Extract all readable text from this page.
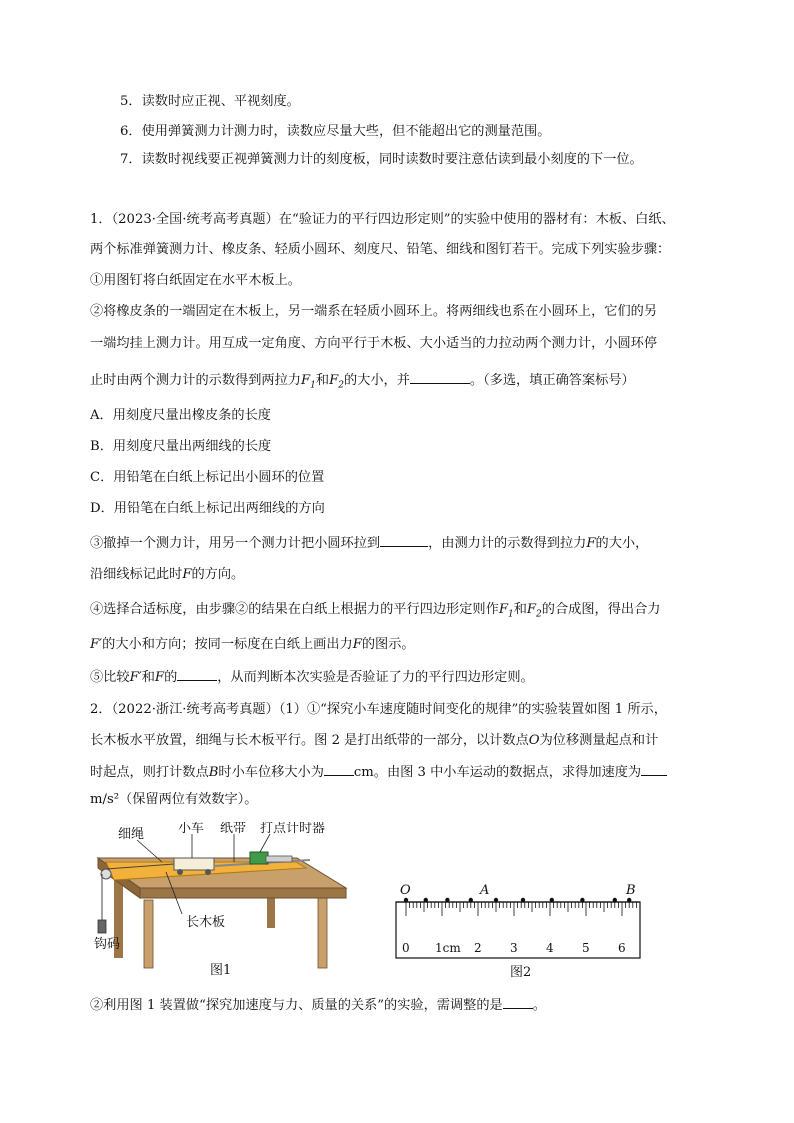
5．读数时应正视、平视刻度。
6．使用弹簧测力计测力时，读数应尽量大些，但不能超出它的测量范围。
7．读数时视线要正视弹簧测力计的刻度板，同时读数时要注意估读到最小刻度的下一位。
1．（2023·全国·统考高考真题）在“验证力的平行四边形定则”的实验中使用的器材有：木板、白纸、
两个标准弹簧测力计、橡皮条、轻质小圆环、刻度尺、铅笔、细线和图钉若干。完成下列实验步骤：
①用图钉将白纸固定在水平木板上。
②将橡皮条的一端固定在木板上，另一端系在轻质小圆环上。将两细线也系在小圆环上，它们的另
一端均挂上测力计。用互成一定角度、方向平行于木板、大小适当的力拉动两个测力计，小圆环停
止时由两个测力计的示数得到两拉力$F_1$和$F_2$的大小，并	。（多选，填正确答案标号）
A．用刻度尺量出橡皮条的长度
B．用刻度尺量出两细线的长度
C．用铅笔在白纸上标记出小圆环的位置
D．用铅笔在白纸上标记出两细线的方向
③撤掉一个测力计，用另一个测力计把小圆环拉到	，由测力计的示数得到拉力F的大小，
沿细线标记此时F的方向。
④选择合适标度，由步骤②的结果在白纸上根据力的平行四边形定则作$F_1$和$F_2$的合成图，得出合力
F′的大小和方向；按同一标度在白纸上画出力F的图示。
⑤比较F′和F的	，从而判断本次实验是否验证了力的平行四边形定则。
2．（2022·浙江·统考高考真题）（1）①“探究小车速度随时间变化的规律”的实验装置如图 1 所示，
长木板水平放置，细绳与长木板平行。图 2 是打出纸带的一部分，以计数点O为位移测量起点和计
时起点，则打计数点B时小车位移大小为 cm。由图 3 中小车运动的数据点，求得加速度为
m/s²（保留两位有效数字）。
细绳	小车 纸带 打点计时器
长木板
钩码
图1
O	A	B
0 1cm 2 3 4 5 6
图2
②利用图 1 装置做“探究加速度与力、质量的关系”的实验，需调整的是 。
